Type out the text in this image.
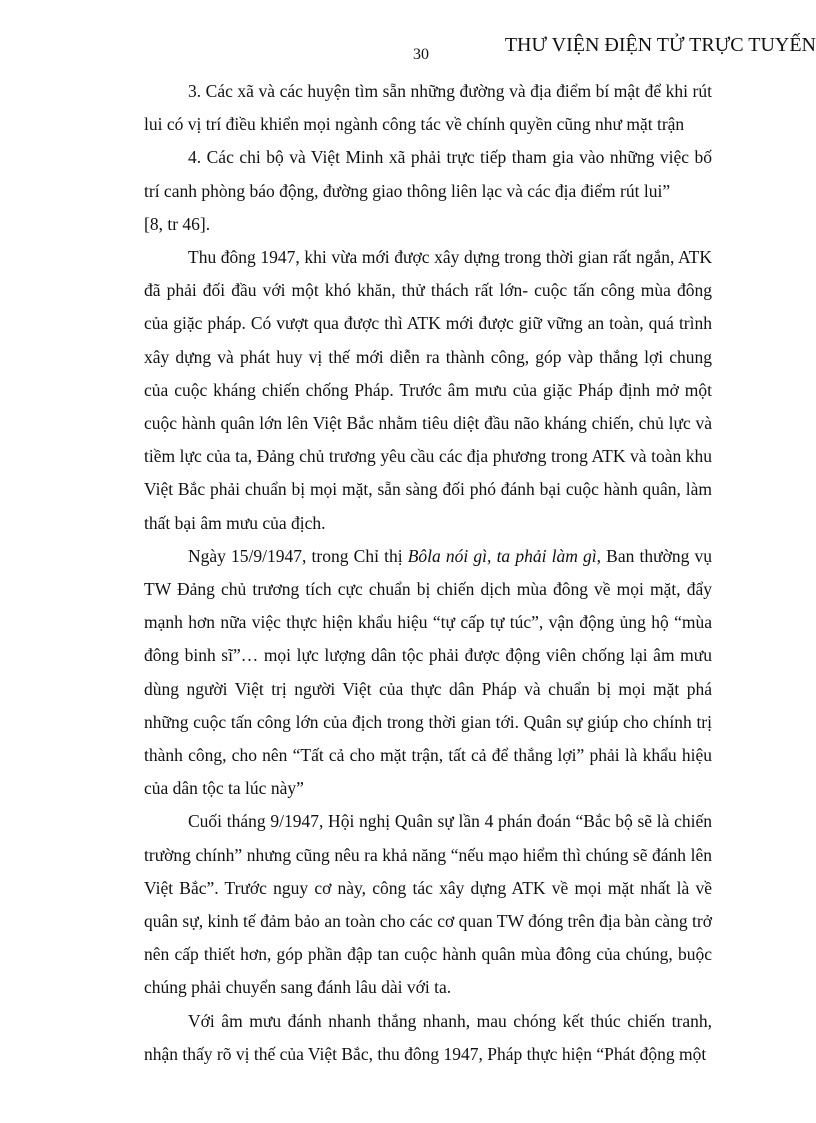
THƯ VIỆN ĐIỆN TỬ TRỰC TUYẾN
30

3. Các xã và các huyện tìm sẵn những đường và địa điểm bí mật để khi rút lui có vị trí điều khiển mọi ngành công tác về chính quyền cũng như mặt trận

4. Các chi bộ và Việt Minh xã phải trực tiếp tham gia vào những việc bố trí canh phòng báo động, đường giao thông liên lạc và các địa điểm rút lui”

[8, tr 46].

Thu đông 1947, khi vừa mới được xây dựng trong thời gian rất ngắn, ATK đã phải đối đầu với một khó khăn, thử thách rất lớn- cuộc tấn công mùa đông của giặc pháp. Có vượt qua được thì ATK mới được giữ vững an toàn, quá trình xây dựng và phát huy vị thế mới diễn ra thành công, góp vàp thắng lợi chung của cuộc kháng chiến chống Pháp. Trước âm mưu của giặc Pháp định mở một cuộc hành quân lớn lên Việt Bắc nhằm tiêu diệt đầu não kháng chiến, chủ lực và tiềm lực của ta, Đảng chủ trương yêu cầu các địa phương trong ATK và toàn khu Việt Bắc phải chuẩn bị mọi mặt, sẵn sàng đối phó đánh bại cuộc hành quân, làm thất bại âm mưu của địch.

Ngày 15/9/1947, trong Chỉ thị Bôla nói gì, ta phải làm gì, Ban thường vụ TW Đảng chủ trương tích cực chuẩn bị chiến dịch mùa đông về mọi mặt, đẩy mạnh hơn nữa việc thực hiện khẩu hiệu “tự cấp tự túc”, vận động ủng hộ “mùa đông binh sĩ”… mọi lực lượng dân tộc phải được động viên chống lại âm mưu dùng người Việt trị người Việt của thực dân Pháp và chuẩn bị mọi mặt phá những cuộc tấn công lớn của địch trong thời gian tới. Quân sự giúp cho chính trị thành công, cho nên “Tất cả cho mặt trận, tất cả để thắng lợi” phải là khẩu hiệu của dân tộc ta lúc này”

Cuối tháng 9/1947, Hội nghị Quân sự lần 4 phán đoán “Bắc bộ sẽ là chiến trường chính” nhưng cũng nêu ra khả năng “nếu mạo hiểm thì chúng sẽ đánh lên Việt Bắc”. Trước nguy cơ này, công tác xây dựng ATK về mọi mặt nhất là về quân sự, kinh tế đảm bảo an toàn cho các cơ quan TW đóng trên địa bàn càng trở nên cấp thiết hơn, góp phần đập tan cuộc hành quân mùa đông của chúng, buộc chúng phải chuyển sang đánh lâu dài với ta.

Với âm mưu đánh nhanh thắng nhanh, mau chóng kết thúc chiến tranh, nhận thấy rõ vị thế của Việt Bắc, thu đông 1947, Pháp thực hiện “Phát động một
